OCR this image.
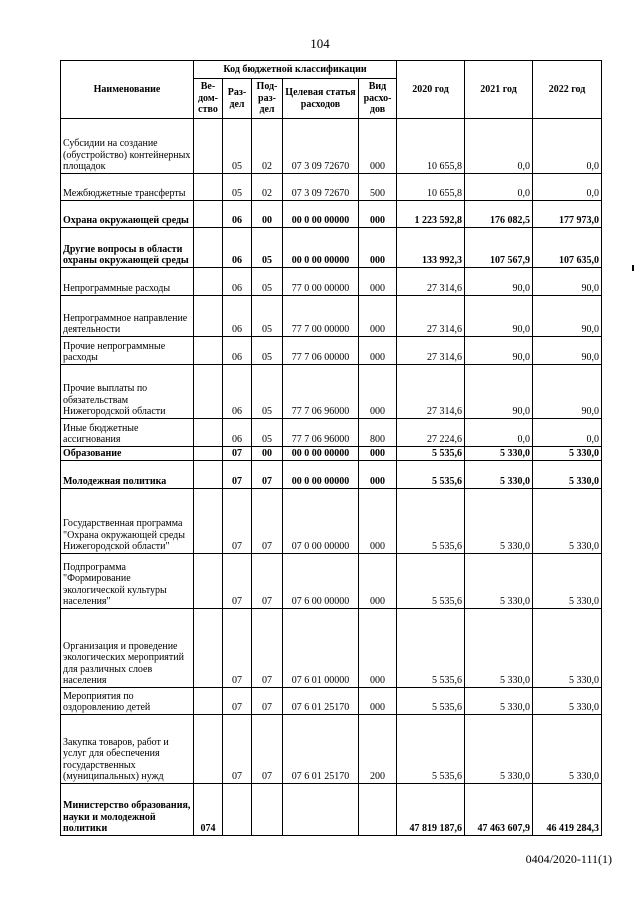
104
Наименование	Код бюджетной классификации					2020 год	2021 год	2022 год
	Ве-дом-ство	Раз-дел	Под-раз-дел	Целевая статья расходов	Вид расхо-дов			
Субсидии на создание (обустройство) контейнерных площадок		05	02	07 3 09 72670	000	10 655,8	0,0	0,0
Межбюджетные трансферты		05	02	07 3 09 72670	500	10 655,8	0,0	0,0
Охрана окружающей среды		06	00	00 0 00 00000	000	1 223 592,8	176 082,5	177 973,0
Другие вопросы в области охраны окружающей среды		06	05	00 0 00 00000	000	133 992,3	107 567,9	107 635,0
Непрограммные расходы		06	05	77 0 00 00000	000	27 314,6	90,0	90,0
Непрограммное направление деятельности		06	05	77 7 00 00000	000	27 314,6	90,0	90,0
Прочие непрограммные расходы		06	05	77 7 06 00000	000	27 314,6	90,0	90,0
Прочие выплаты по обязательствам Нижегородской области		06	05	77 7 06 96000	000	27 314,6	90,0	90,0
Иные бюджетные ассигнования		06	05	77 7 06 96000	800	27 224,6	0,0	0,0
Образование		07	00	00 0 00 00000	000	5 535,6	5 330,0	5 330,0
Молодежная политика		07	07	00 0 00 00000	000	5 535,6	5 330,0	5 330,0
Государственная программа "Охрана окружающей среды Нижегородской области"		07	07	07 0 00 00000	000	5 535,6	5 330,0	5 330,0
Подпрограмма "Формирование экологической культуры населения"		07	07	07 6 00 00000	000	5 535,6	5 330,0	5 330,0
Организация и проведение экологических мероприятий для различных слоев населения		07	07	07 6 01 00000	000	5 535,6	5 330,0	5 330,0
Мероприятия по оздоровлению детей		07	07	07 6 01 25170	000	5 535,6	5 330,0	5 330,0
Закупка товаров, работ и услуг для обеспечения государственных (муниципальных) нужд		07	07	07 6 01 25170	200	5 535,6	5 330,0	5 330,0
Министерство образования, науки и молодежной политики	074					47 819 187,6	47 463 607,9	46 419 284,3
0404/2020-111(1)
